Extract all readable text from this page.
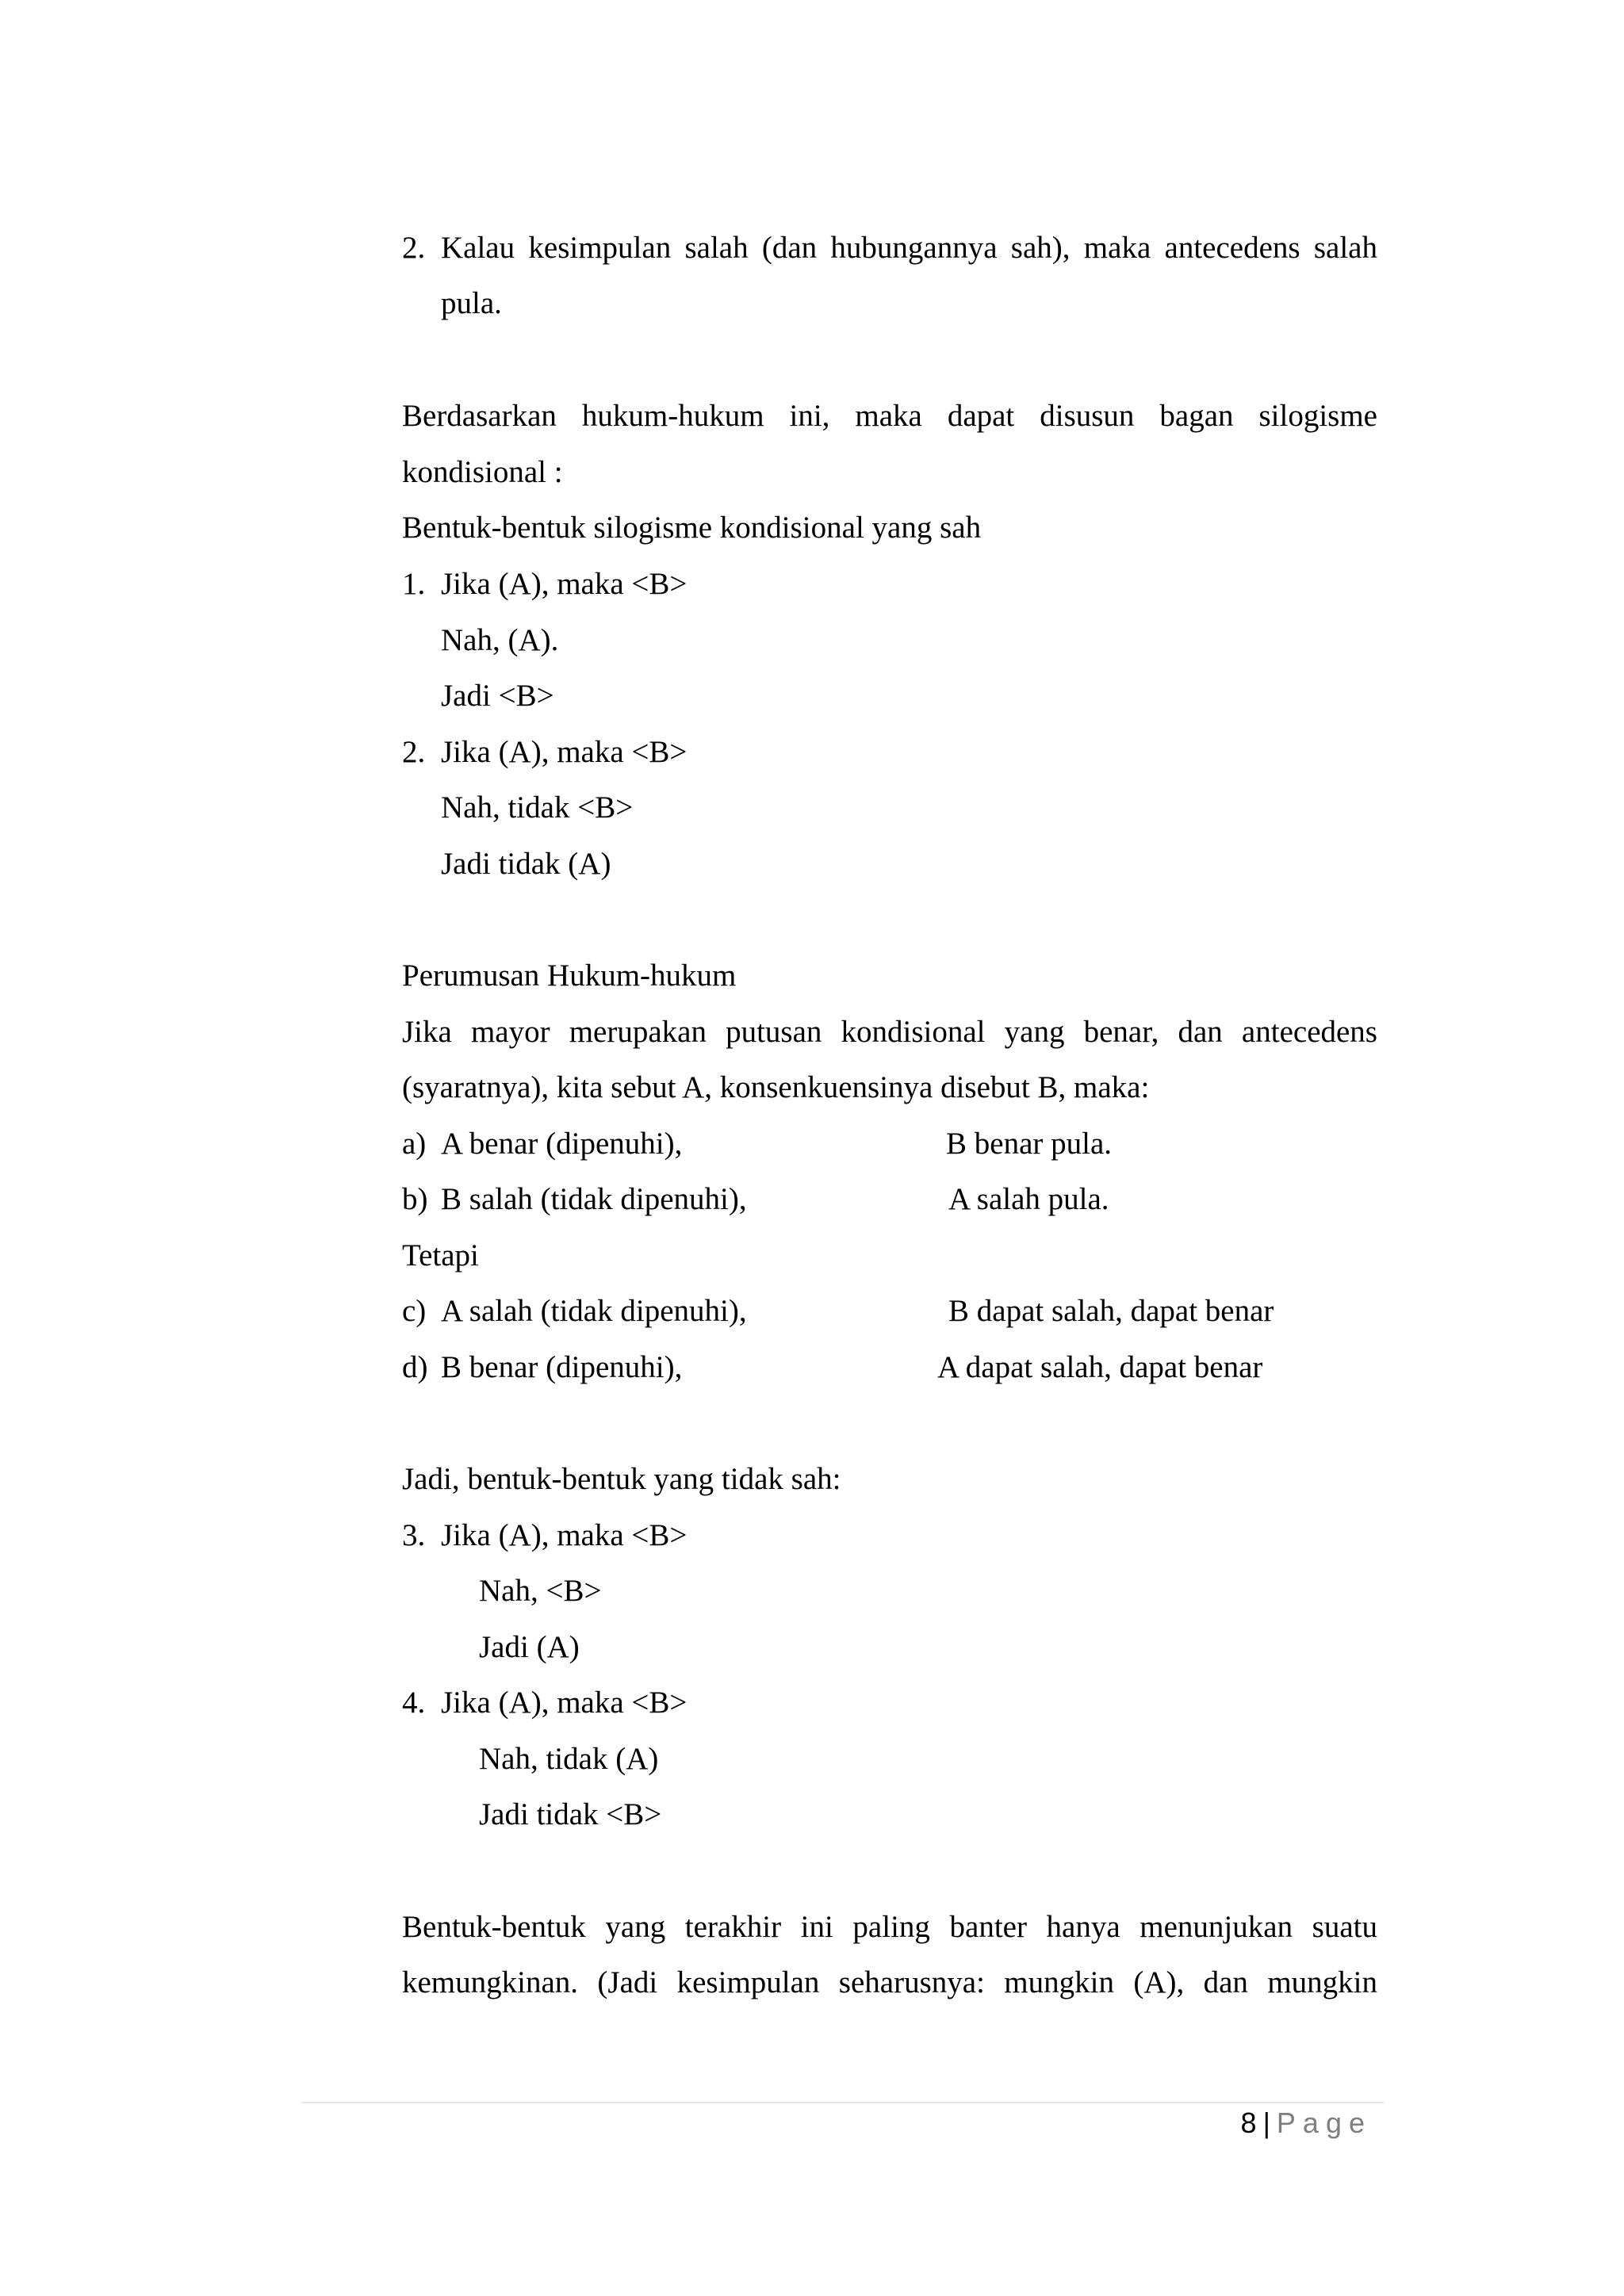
2. Kalau kesimpulan salah (dan hubungannya sah), maka antecedens salah
pula.
Berdasarkan hukum-hukum ini, maka dapat disusun bagan silogisme
kondisional :
Bentuk-bentuk silogisme kondisional yang sah
1. Jika (A), maka <B>
Nah, (A).
Jadi <B>
2. Jika (A), maka <B>
Nah, tidak <B>
Jadi tidak (A)
Perumusan Hukum-hukum
Jika mayor merupakan putusan kondisional yang benar, dan antecedens
(syaratnya), kita sebut A, konsenkuensinya disebut B, maka:
a) A benar (dipenuhi),	B benar pula.
b) B salah (tidak dipenuhi),	A salah pula.
Tetapi
c) A salah (tidak dipenuhi),	B dapat salah, dapat benar
d) B benar (dipenuhi),	A dapat salah, dapat benar
Jadi, bentuk-bentuk yang tidak sah:
3. Jika (A), maka <B>
Nah, <B>
Jadi (A)
4. Jika (A), maka <B>
Nah, tidak (A)
Jadi tidak <B>
Bentuk-bentuk yang terakhir ini paling banter hanya menunjukan suatu
kemungkinan. (Jadi kesimpulan seharusnya: mungkin (A), dan mungkin
8 | Page
